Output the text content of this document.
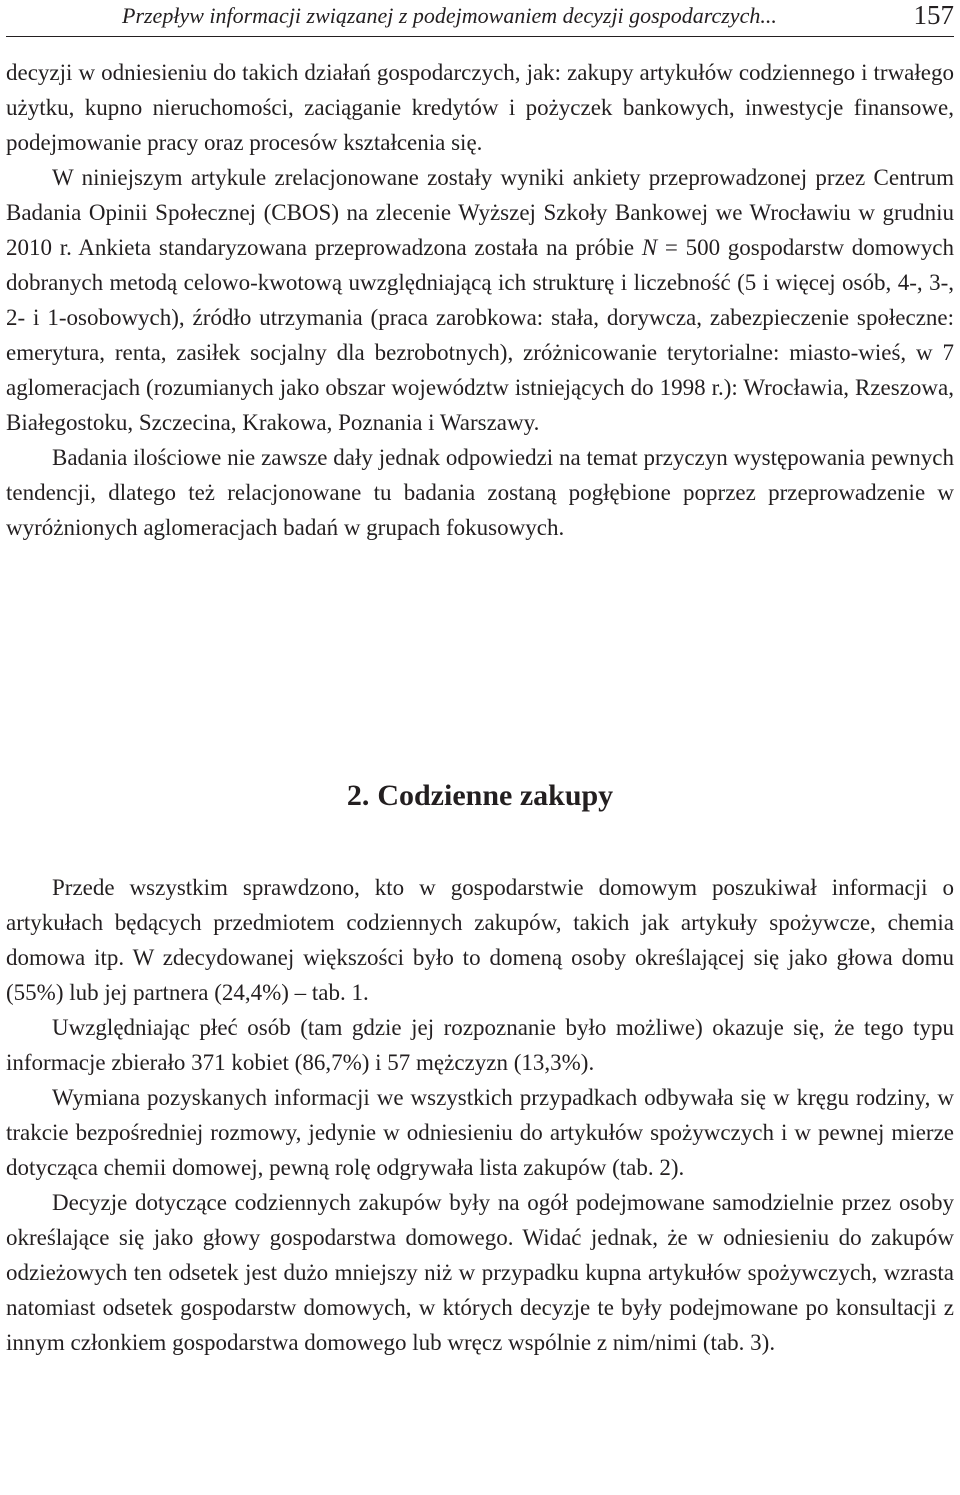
Przepływ informacji związanej z podejmowaniem decyzji gospodarczych...	157

decyzji w odniesieniu do takich działań gospodarczych, jak: zakupy artykułów codziennego i trwałego użytku, kupno nieruchomości, zaciąganie kredytów i pożyczek bankowych, inwestycje finansowe, podejmowanie pracy oraz procesów kształcenia się.

W niniejszym artykule zrelacjonowane zostały wyniki ankiety przeprowadzonej przez Centrum Badania Opinii Społecznej (CBOS) na zlecenie Wyższej Szkoły Bankowej we Wrocławiu w grudniu 2010 r. Ankieta standaryzowana przeprowadzona została na próbie N = 500 gospodarstw domowych dobranych metodą celowo-kwotową uwzględniającą ich strukturę i liczebność (5 i więcej osób, 4-, 3-, 2- i 1-osobowych), źródło utrzymania (praca zarobkowa: stała, dorywcza, zabezpieczenie społeczne: emerytura, renta, zasiłek socjalny dla bezrobotnych), zróżnicowanie terytorialne: miasto-wieś, w 7 aglomeracjach (rozumianych jako obszar województw istniejących do 1998 r.): Wrocławia, Rzeszowa, Białegostoku, Szczecina, Krakowa, Poznania i Warszawy.

Badania ilościowe nie zawsze dały jednak odpowiedzi na temat przyczyn występowania pewnych tendencji, dlatego też relacjonowane tu badania zostaną pogłębione poprzez przeprowadzenie w wyróżnionych aglomeracjach badań w grupach fokusowych.

2. Codzienne zakupy

Przede wszystkim sprawdzono, kto w gospodarstwie domowym poszukiwał informacji o artykułach będących przedmiotem codziennych zakupów, takich jak artykuły spożywcze, chemia domowa itp. W zdecydowanej większości było to domeną osoby określającej się jako głowa domu (55%) lub jej partnera (24,4%) – tab. 1.

Uwzględniając płeć osób (tam gdzie jej rozpoznanie było możliwe) okazuje się, że tego typu informacje zbierało 371 kobiet (86,7%) i 57 mężczyzn (13,3%).

Wymiana pozyskanych informacji we wszystkich przypadkach odbywała się w kręgu rodziny, w trakcie bezpośredniej rozmowy, jedynie w odniesieniu do artykułów spożywczych i w pewnej mierze dotycząca chemii domowej, pewną rolę odgrywała lista zakupów (tab. 2).

Decyzje dotyczące codziennych zakupów były na ogół podejmowane samodzielnie przez osoby określające się jako głowy gospodarstwa domowego. Widać jednak, że w odniesieniu do zakupów odzieżowych ten odsetek jest dużo mniejszy niż w przypadku kupna artykułów spożywczych, wzrasta natomiast odsetek gospodarstw domowych, w których decyzje te były podejmowane po konsultacji z innym członkiem gospodarstwa domowego lub wręcz wspólnie z nim/nimi (tab. 3).
